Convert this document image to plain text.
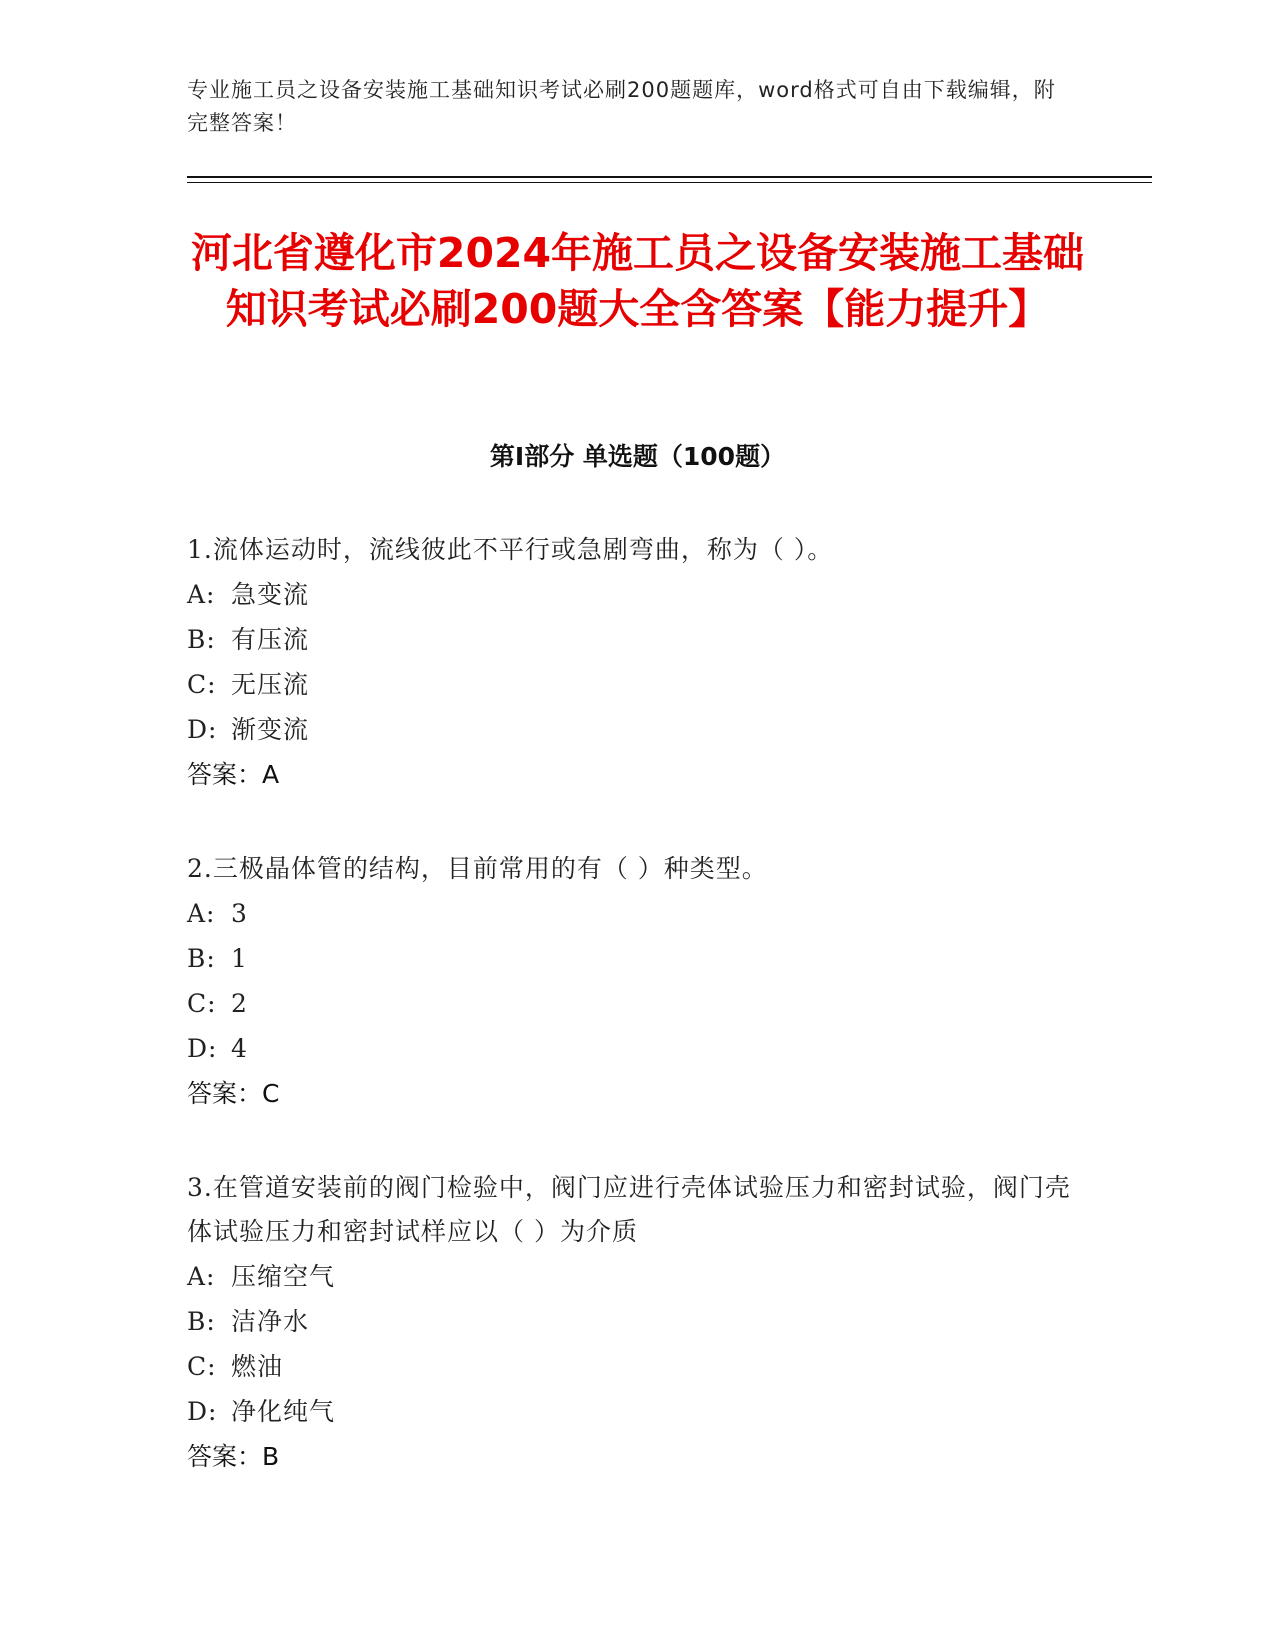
专业施工员之设备安装施工基础知识考试必刷200题题库，word格式可自由下载编辑，附完整答案！
河北省遵化市2024年施工员之设备安装施工基础知识考试必刷200题大全含答案【能力提升】
第Ⅰ部分 单选题（100题）

1.流体运动时，流线彼此不平行或急剧弯曲，称为（ ）。

A: 急变流

B: 有压流

C: 无压流

D: 渐变流

答案：A

2.三极晶体管的结构，目前常用的有（ ）种类型。

A: 3

B: 1

C: 2

D: 4

答案：C

3.在管道安装前的阀门检验中，阀门应进行壳体试验压力和密封试验，阀门壳体试验压力和密封试样应以（ ）为介质

A: 压缩空气

B: 洁净水

C: 燃油

D: 净化纯气

答案：B
